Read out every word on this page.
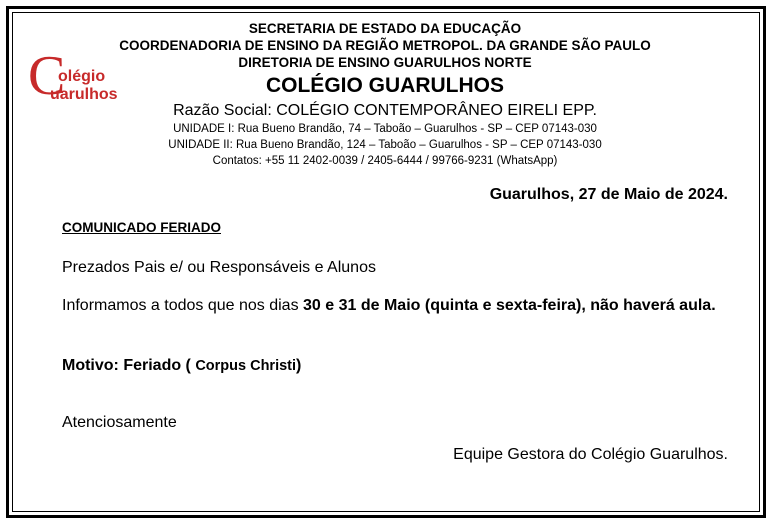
SECRETARIA DE ESTADO DA EDUCAÇÃO
COORDENADORIA DE ENSINO DA REGIÃO METROPOL. DA GRANDE SÃO PAULO
DIRETORIA DE ENSINO GUARULHOS NORTE
C
olégio
uarulhos	COLÉGIO GUARULHOS
Razão Social: COLÉGIO CONTEMPORÂNEO EIRELI EPP.
UNIDADE I: Rua Bueno Brandão, 74 – Taboão – Guarulhos - SP – CEP 07143-030
UNIDADE II: Rua Bueno Brandão, 124 – Taboão – Guarulhos - SP – CEP 07143-030
Contatos: +55 11 2402-0039 / 2405-6444 / 99766-9231 (WhatsApp)
Guarulhos, 27 de Maio de 2024.
COMUNICADO FERIADO
Prezados Pais e/ ou Responsáveis e Alunos
Informamos a todos que nos dias 30 e 31 de Maio (quinta e sexta-feira), não haverá aula.
Motivo: Feriado ( Corpus Christi)
Atenciosamente
Equipe Gestora do Colégio Guarulhos.
